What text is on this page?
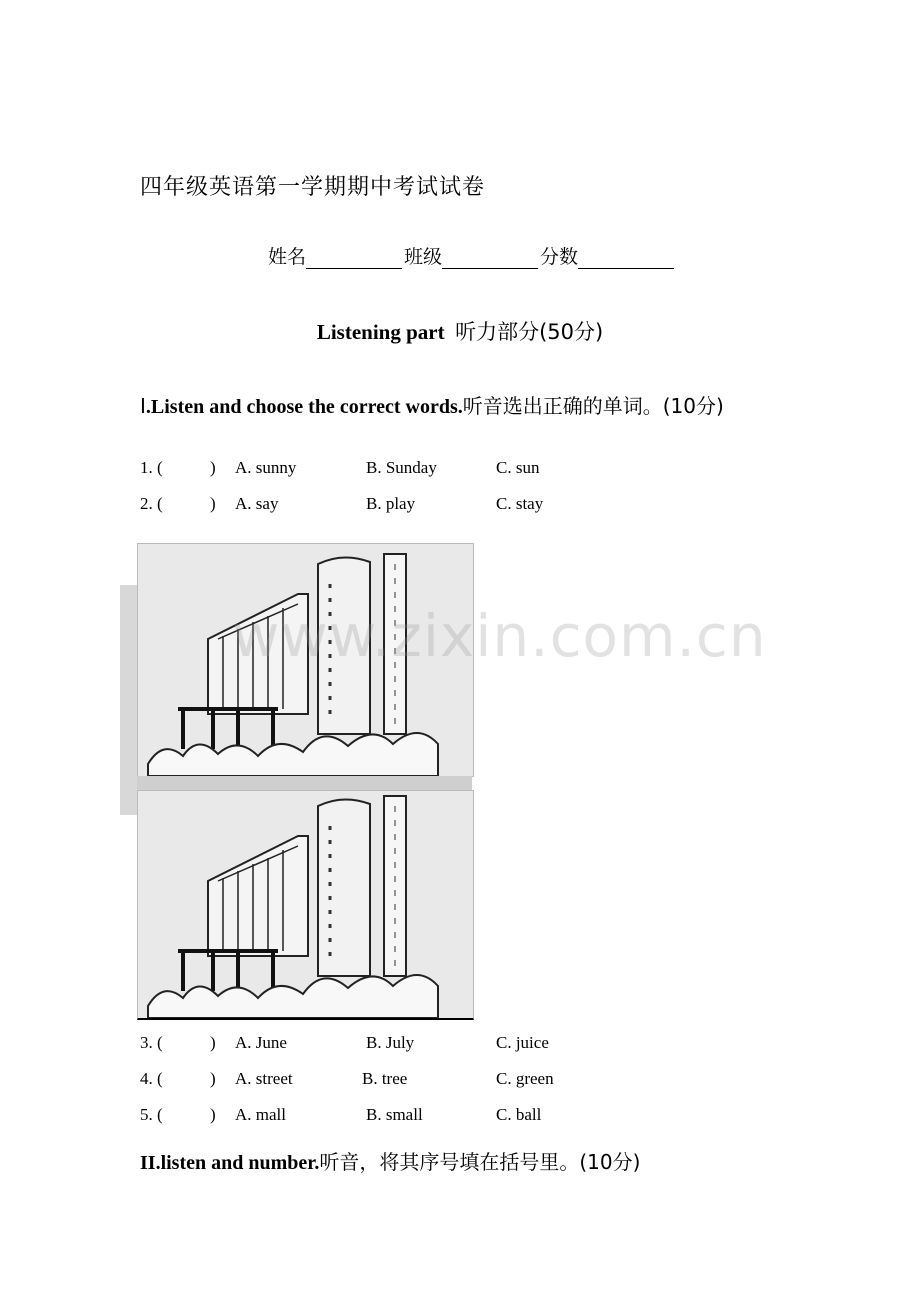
四年级英语第一学期期中考试试卷
姓名	班级	分数
Listening part 听力部分(50分)
Ⅰ.Listen and choose the correct words.听音选出正确的单词。(10分)
1. (	) A. sunny	B. Sunday	C. sun
2. (	) A. say	B. play	C. stay
www.zixin.com.cn
3. (	) A. June	B. July	C. juice
4. (	) A. street	B. tree	C. green
5. (	) A. mall	B. small	C. ball
II.listen and number.听音，将其序号填在括号里。(10分)
